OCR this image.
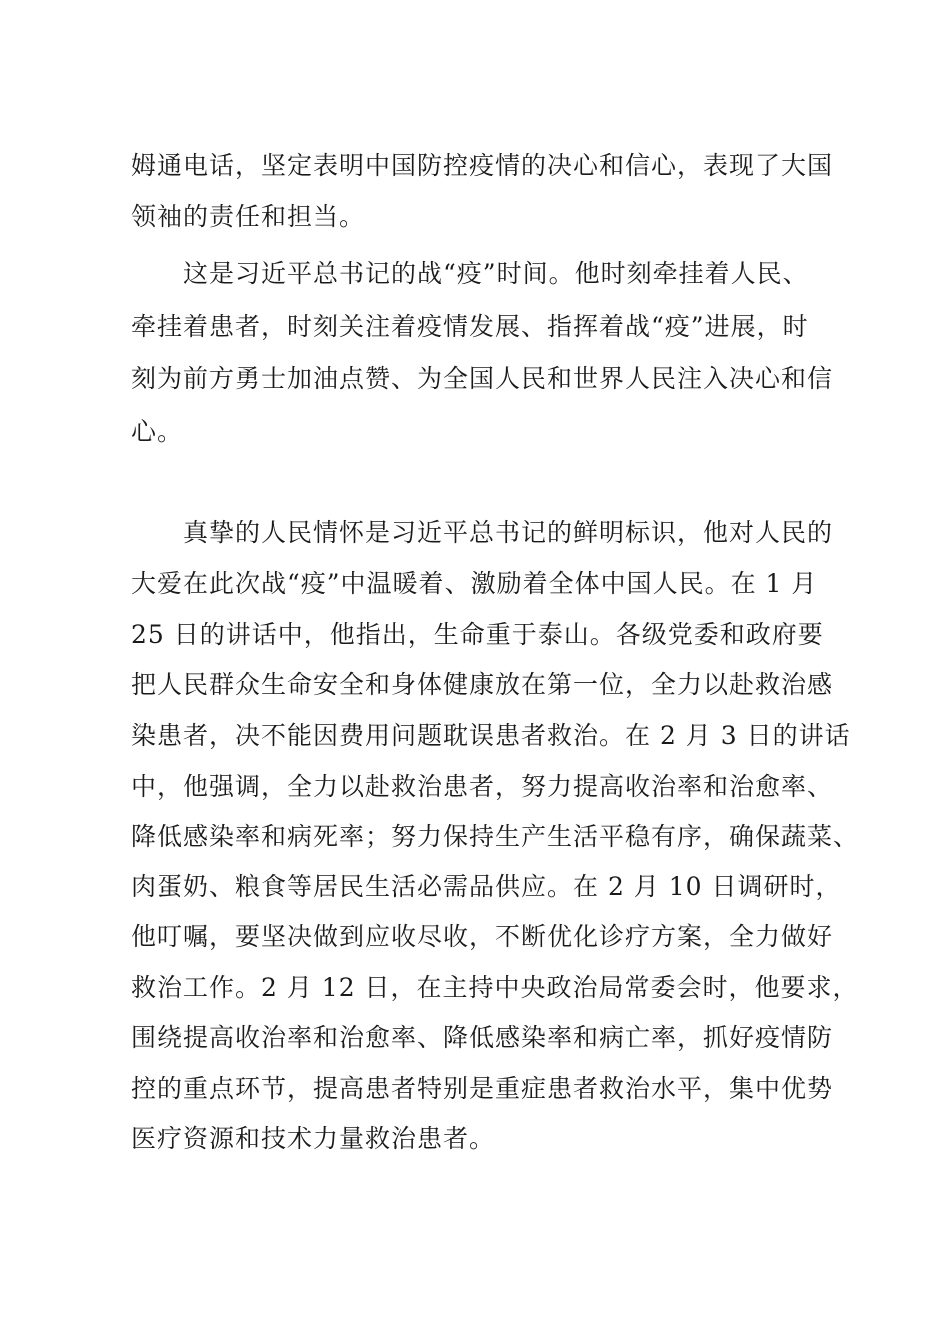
姆通电话，坚定表明中国防控疫情的决心和信心，表现了大国
领袖的责任和担当。
这是习近平总书记的战“疫”时间。他时刻牵挂着人民、
牵挂着患者，时刻关注着疫情发展、指挥着战“疫”进展，时
刻为前方勇士加油点赞、为全国人民和世界人民注入决心和信
心。
真挚的人民情怀是习近平总书记的鲜明标识，他对人民的
大爱在此次战“疫”中温暖着、激励着全体中国人民。在 1 月
25 日的讲话中，他指出，生命重于泰山。各级党委和政府要
把人民群众生命安全和身体健康放在第一位，全力以赴救治感
染患者，决不能因费用问题耽误患者救治。在 2 月 3 日的讲话
中，他强调，全力以赴救治患者，努力提高收治率和治愈率、
降低感染率和病死率；努力保持生产生活平稳有序，确保蔬菜、
肉蛋奶、粮食等居民生活必需品供应。在 2 月 10 日调研时，
他叮嘱，要坚决做到应收尽收，不断优化诊疗方案，全力做好
救治工作。2 月 12 日，在主持中央政治局常委会时，他要求，
围绕提高收治率和治愈率、降低感染率和病亡率，抓好疫情防
控的重点环节，提高患者特别是重症患者救治水平，集中优势
医疗资源和技术力量救治患者。
